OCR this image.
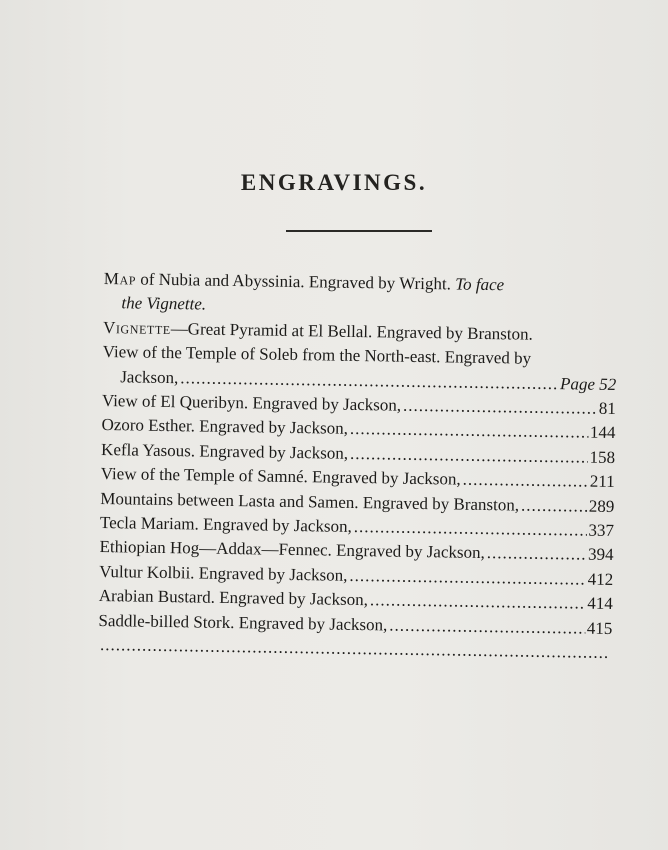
ENGRAVINGS.
Map of Nubia and Abyssinia. Engraved by Wright. To face
the Vignette.
Vignette—Great Pyramid at El Bellal. Engraved by Branston.
View of the Temple of Soleb from the North-east. Engraved by
Jackson, .....	Page 52
View of El Queribyn. Engraved by Jackson, .....	81
Ozoro Esther. Engraved by Jackson, .....	144
Kefla Yasous. Engraved by Jackson, .....	158
View of the Temple of Samné. Engraved by Jackson, .....	211
Mountains between Lasta and Samen. Engraved by Branston, .....	289
Tecla Mariam. Engraved by Jackson, .....	337
Ethiopian Hog—Addax—Fennec. Engraved by Jackson, .....	394
Vultur Kolbii. Engraved by Jackson, .....	412
Arabian Bustard. Engraved by Jackson, .....	414
Saddle-billed Stork. Engraved by Jackson, .....	415
.....
